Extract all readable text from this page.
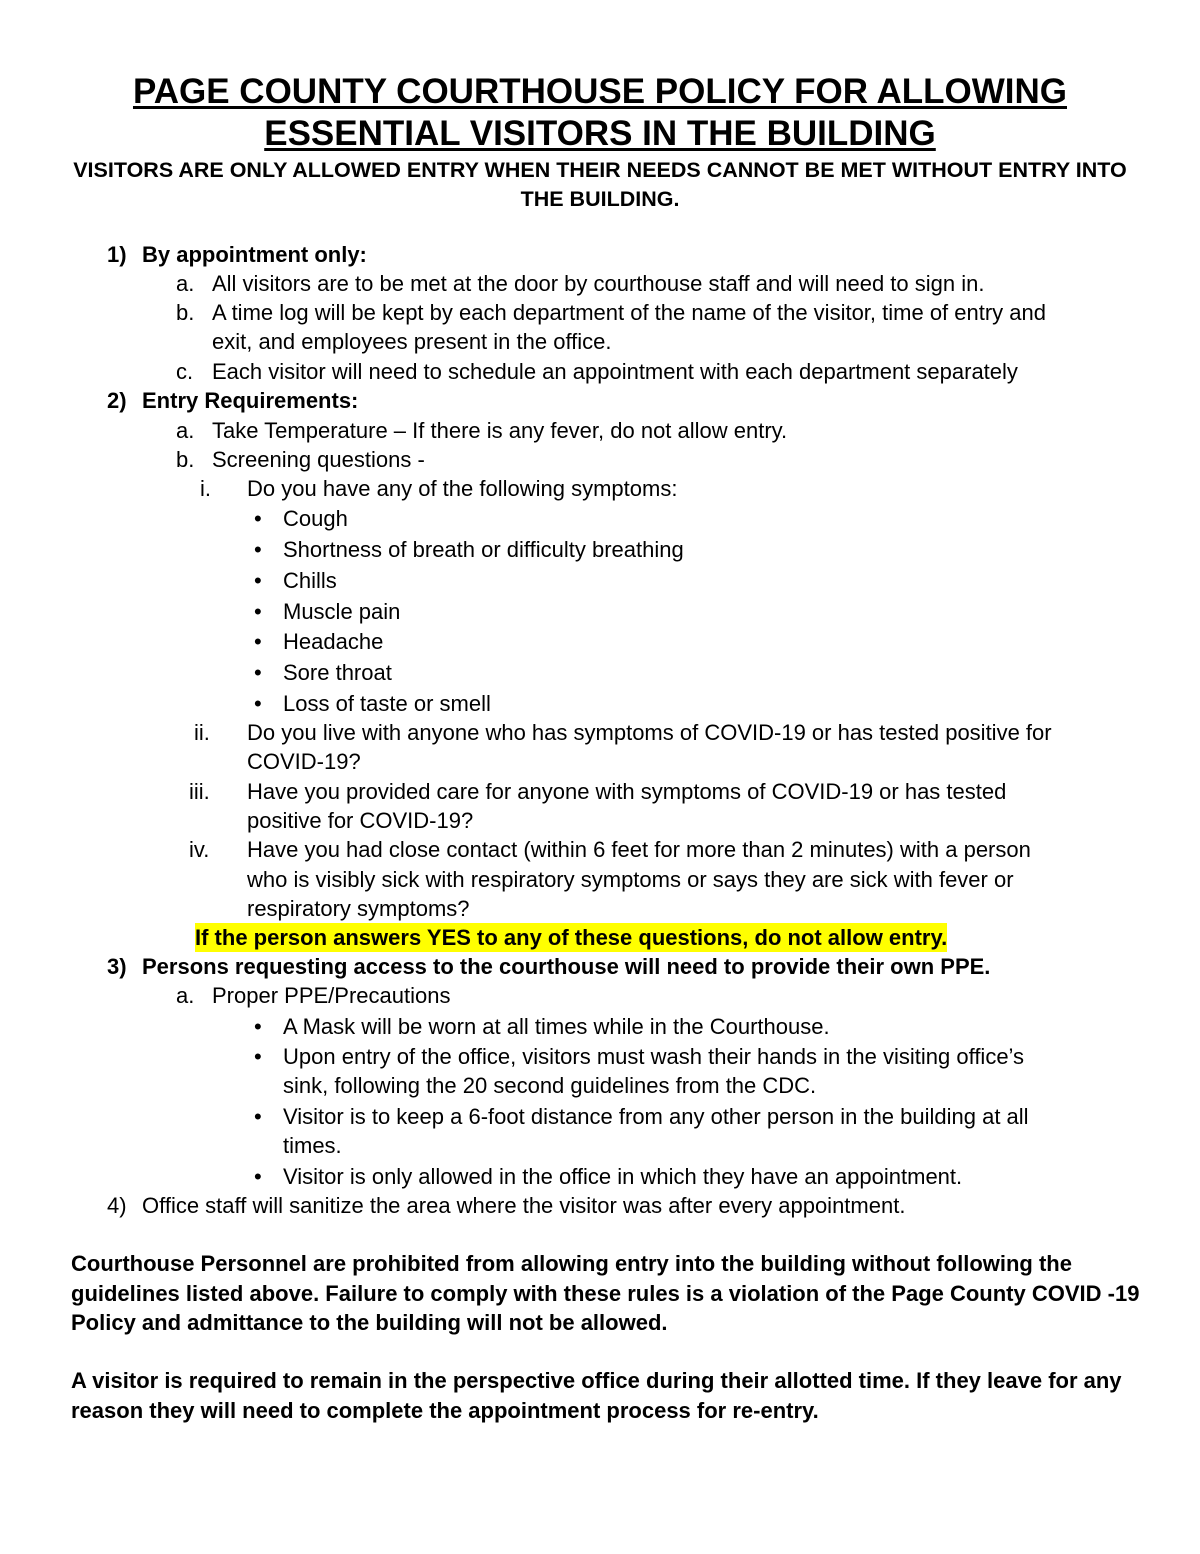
PAGE COUNTY COURTHOUSE POLICY FOR ALLOWING
ESSENTIAL VISITORS IN THE BUILDING
VISITORS ARE ONLY ALLOWED ENTRY WHEN THEIR NEEDS CANNOT BE MET WITHOUT ENTRY INTO THE BUILDING.
1) By appointment only:
a. All visitors are to be met at the door by courthouse staff and will need to sign in.
b. A time log will be kept by each department of the name of the visitor, time of entry and
exit, and employees present in the office.
c. Each visitor will need to schedule an appointment with each department separately
2) Entry Requirements:
a. Take Temperature – If there is any fever, do not allow entry.
b. Screening questions -
i. Do you have any of the following symptoms:
• Cough
• Shortness of breath or difficulty breathing
• Chills
• Muscle pain
• Headache
• Sore throat
• Loss of taste or smell
ii. Do you live with anyone who has symptoms of COVID-19 or has tested positive for
COVID-19?
iii. Have you provided care for anyone with symptoms of COVID-19 or has tested
positive for COVID-19?
iv. Have you had close contact (within 6 feet for more than 2 minutes) with a person
who is visibly sick with respiratory symptoms or says they are sick with fever or
respiratory symptoms?
If the person answers YES to any of these questions, do not allow entry.
3) Persons requesting access to the courthouse will need to provide their own PPE.
a. Proper PPE/Precautions
• A Mask will be worn at all times while in the Courthouse.
• Upon entry of the office, visitors must wash their hands in the visiting office’s
sink, following the 20 second guidelines from the CDC.
• Visitor is to keep a 6-foot distance from any other person in the building at all
times.
• Visitor is only allowed in the office in which they have an appointment.
4) Office staff will sanitize the area where the visitor was after every appointment.
Courthouse Personnel are prohibited from allowing entry into the building without following the guidelines listed above. Failure to comply with these rules is a violation of the Page County COVID -19 Policy and admittance to the building will not be allowed.
A visitor is required to remain in the perspective office during their allotted time. If they leave for any reason they will need to complete the appointment process for re-entry.
